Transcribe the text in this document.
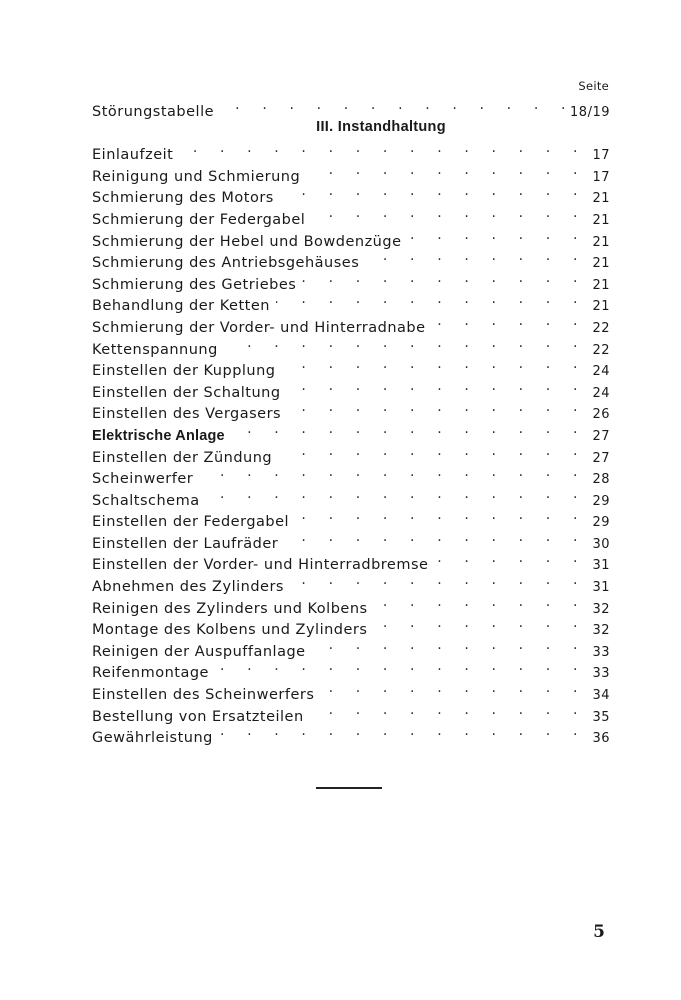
Seite
Störungstabelle . .	18/19
III. Instandhaltung
Einlaufzeit . .	17
Reinigung und Schmierung . .	17
Schmierung des Motors . .	21
Schmierung der Federgabel . .	21
Schmierung der Hebel und Bowdenzüge . .	21
Schmierung des Antriebsgehäuses . .	21
Schmierung des Getriebes . .	21
Behandlung der Ketten . .	21
Schmierung der Vorder- und Hinterradnabe . .	22
Kettenspannung . .	22
Einstellen der Kupplung . .	24
Einstellen der Schaltung . .	24
Einstellen des Vergasers . .	26
Elektrische Anlage . .	27
Einstellen der Zündung . .	27
Scheinwerfer . .	28
Schaltschema . .	29
Einstellen der Federgabel . .	29
Einstellen der Laufräder . .	30
Einstellen der Vorder- und Hinterradbremse . .	31
Abnehmen des Zylinders . .	31
Reinigen des Zylinders und Kolbens . .	32
Montage des Kolbens und Zylinders . .	32
Reinigen der Auspuffanlage . .	33
Reifenmontage . .	33
Einstellen des Scheinwerfers . .	34
Bestellung von Ersatzteilen . .	35
Gewährleistung . .	36
5
